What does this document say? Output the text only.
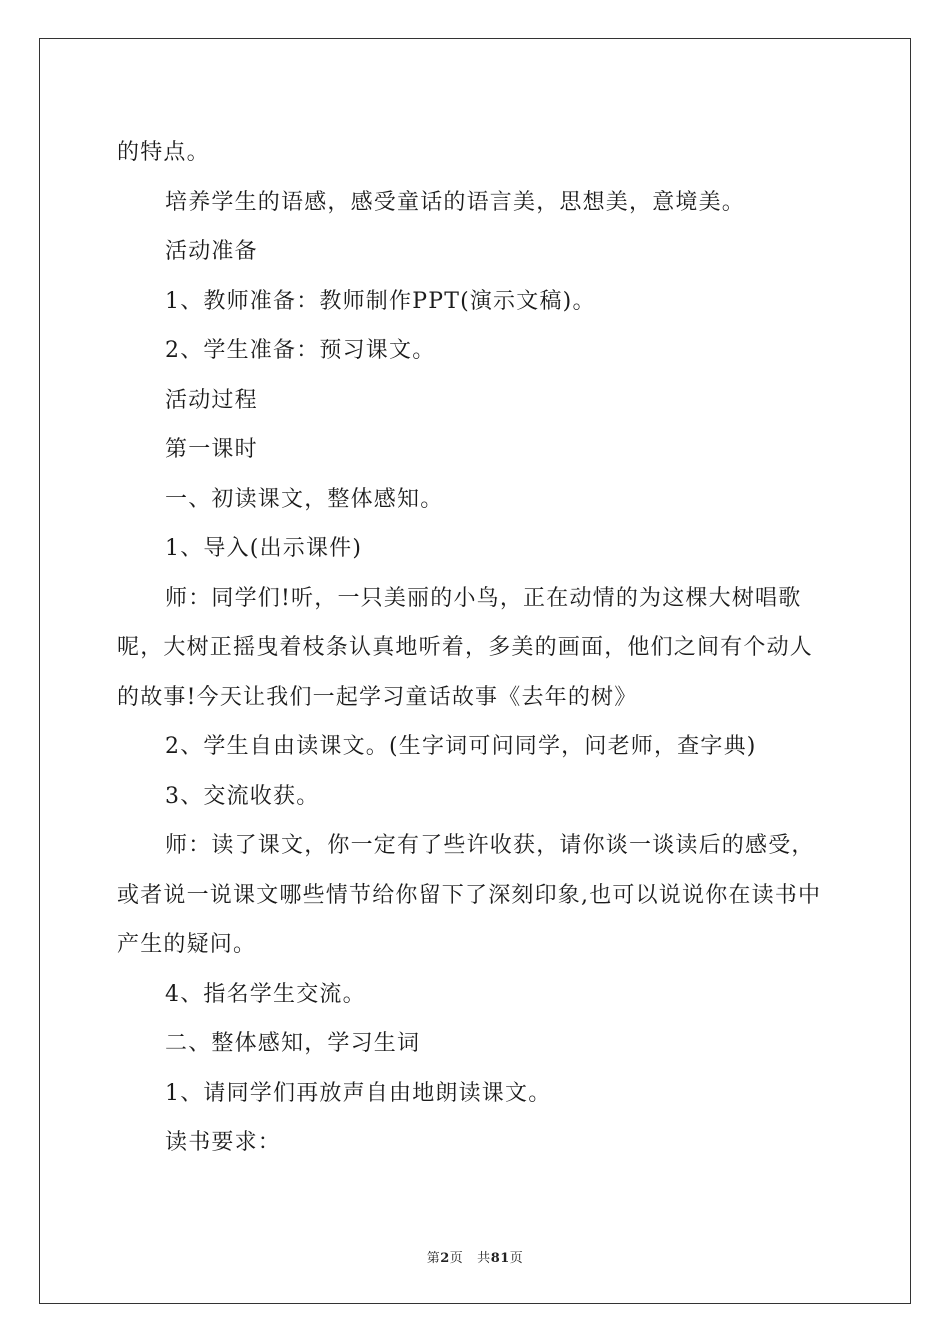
的特点。

培养学生的语感，感受童话的语言美，思想美，意境美。

活动准备

1、教师准备：教师制作PPT(演示文稿)。

2、学生准备：预习课文。

活动过程

第一课时

一、初读课文，整体感知。

1、导入(出示课件)

师：同学们!听，一只美丽的小鸟，正在动情的为这棵大树唱歌呢，大树正摇曳着枝条认真地听着，多美的画面，他们之间有个动人的故事!今天让我们一起学习童话故事《去年的树》

2、学生自由读课文。(生字词可问同学，问老师，查字典)

3、交流收获。

师：读了课文，你一定有了些许收获，请你谈一谈读后的感受，或者说一说课文哪些情节给你留下了深刻印象,也可以说说你在读书中产生的疑问。

4、指名学生交流。

二、整体感知，学习生词

1、请同学们再放声自由地朗读课文。

读书要求：

第2页 共81页
